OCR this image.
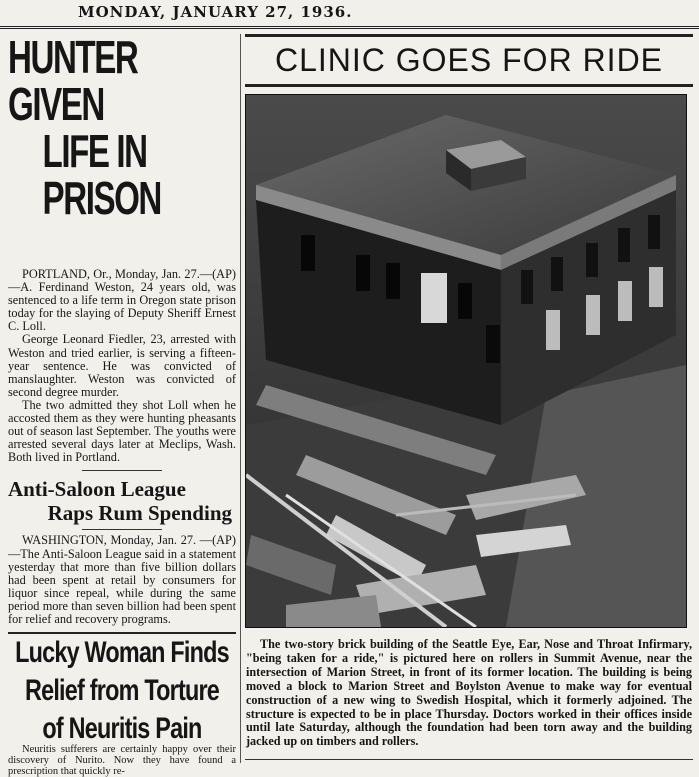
MONDAY, JANUARY 27, 1936.
HUNTER GIVEN
LIFE IN PRISON

PORTLAND, Or., Monday, Jan. 27.—(AP)—A. Ferdinand Weston, 24 years old, was sentenced to a life term in Oregon state prison today for the slaying of Deputy Sheriff Ernest C. Loll.

George Leonard Fiedler, 23, arrested with Weston and tried earlier, is serving a fifteen-year sentence. He was convicted of manslaughter. Weston was convicted of second degree murder.

The two admitted they shot Loll when he accosted them as they were hunting pheasants out of season last September. The youths were arrested several days later at Meclips, Wash. Both lived in Portland.

Anti-Saloon League
Raps Rum Spending

WASHINGTON, Monday, Jan. 27. —(AP)—The Anti-Saloon League said in a statement yesterday that more than five billion dollars had been spent at retail by consumers for liquor since repeal, while during the same period more than seven billion had been spent for relief and recovery programs.

Lucky Woman Finds
Relief from Torture
of Neuritis Pain

Neuritis sufferers are certainly happy over their discovery of Nurito. Now they have found a prescription that quickly re-

CLINIC GOES FOR RIDE

The two-story brick building of the Seattle Eye, Ear, Nose and Throat Infirmary, "being taken for a ride," is pictured here on rollers in Summit Avenue, near the intersection of Marion Street, in front of its former location. The building is being moved a block to Marion Street and Boylston Avenue to make way for eventual construction of a new wing to Swedish Hospital, which it formerly adjoined. The structure is expected to be in place Thursday. Doctors worked in their offices inside until late Saturday, although the foundation had been torn away and the building jacked up on timbers and rollers.
